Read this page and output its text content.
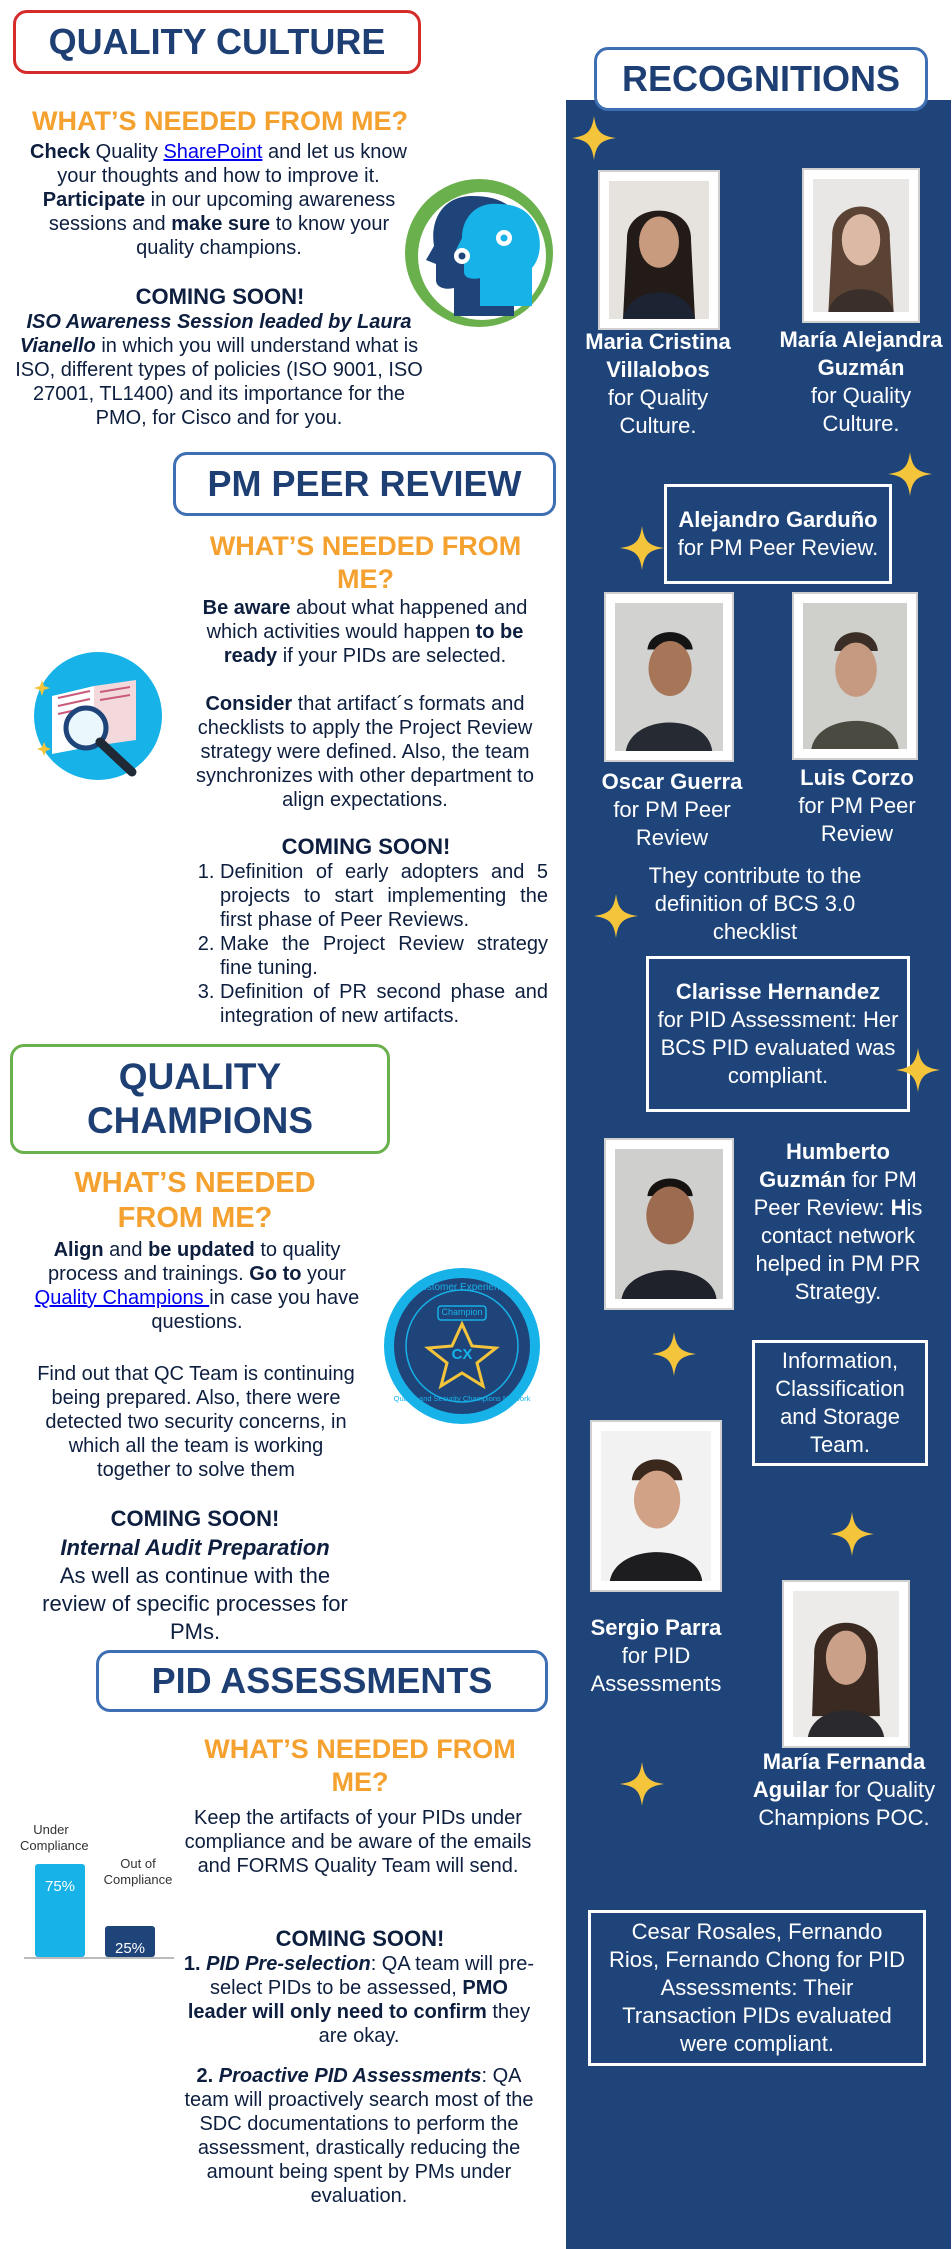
QUALITY CULTURE
WHAT’S NEEDED FROM ME?
Check Quality SharePoint and let us know your thoughts and how to improve it.
Participate in our upcoming awareness sessions and make sure to know your quality champions.
COMING SOON!
ISO Awareness Session leaded by Laura Vianello in which you will understand what is ISO, different types of policies (ISO 9001, ISO 27001, TL1400) and its importance for the PMO, for Cisco and for you.
PM PEER REVIEW
WHAT’S NEEDED FROM ME?
Be aware about what happened and which activities would happen to be ready if your PIDs are selected.
Consider that artifact´s formats and checklists to apply the Project Review strategy were defined. Also, the team synchronizes with other department to align expectations.
COMING SOON!
1. Definition of early adopters and 5 projects to start implementing the first phase of Peer Reviews.
2. Make the Project Review strategy fine tuning.
3. Definition of PR second phase and integration of new artifacts.
QUALITY CHAMPIONS
WHAT’S NEEDED FROM ME?
Align and be updated to quality process and trainings. Go to your Quality Champions in case you have questions.
Customer Experience
Champion
CX
Quality and Security Champions Network
Find out that QC Team is continuing being prepared. Also, there were detected two security concerns, in which all the team is working together to solve them
COMING SOON!
Internal Audit Preparation
As well as continue with the review of specific processes for PMs.
PID ASSESSMENTS
WHAT’S NEEDED FROM ME?
Keep the artifacts of your PIDs under compliance and be aware of the emails and FORMS Quality Team will send.
Under Compliance
Out of Compliance
75%
25%	COMING SOON!
1. PID Pre-selection: QA team will pre-select PIDs to be assessed, PMO leader will only need to confirm they are okay.
2. Proactive PID Assessments: QA team will proactively search most of the SDC documentations to perform the assessment, drastically reducing the amount being spent by PMs under evaluation.
RECOGNITIONS
Maria Cristina Villalobos
for Quality Culture.
María Alejandra Guzmán
for Quality Culture.
Alejandro Garduño for PM Peer Review.
Oscar Guerra
for PM Peer Review
Luis Corzo
for PM Peer Review
They contribute to the definition of BCS 3.0 checklist
Clarisse Hernandez
for PID Assessment: Her BCS PID evaluated was compliant.
Humberto Guzmán for PM Peer Review: His contact network helped in PM PR Strategy.
Information, Classification and Storage Team.
Sergio Parra
for PID Assessments
María Fernanda Aguilar for Quality Champions POC.
Cesar Rosales, Fernando Rios, Fernando Chong for PID Assessments: Their Transaction PIDs evaluated were compliant.
